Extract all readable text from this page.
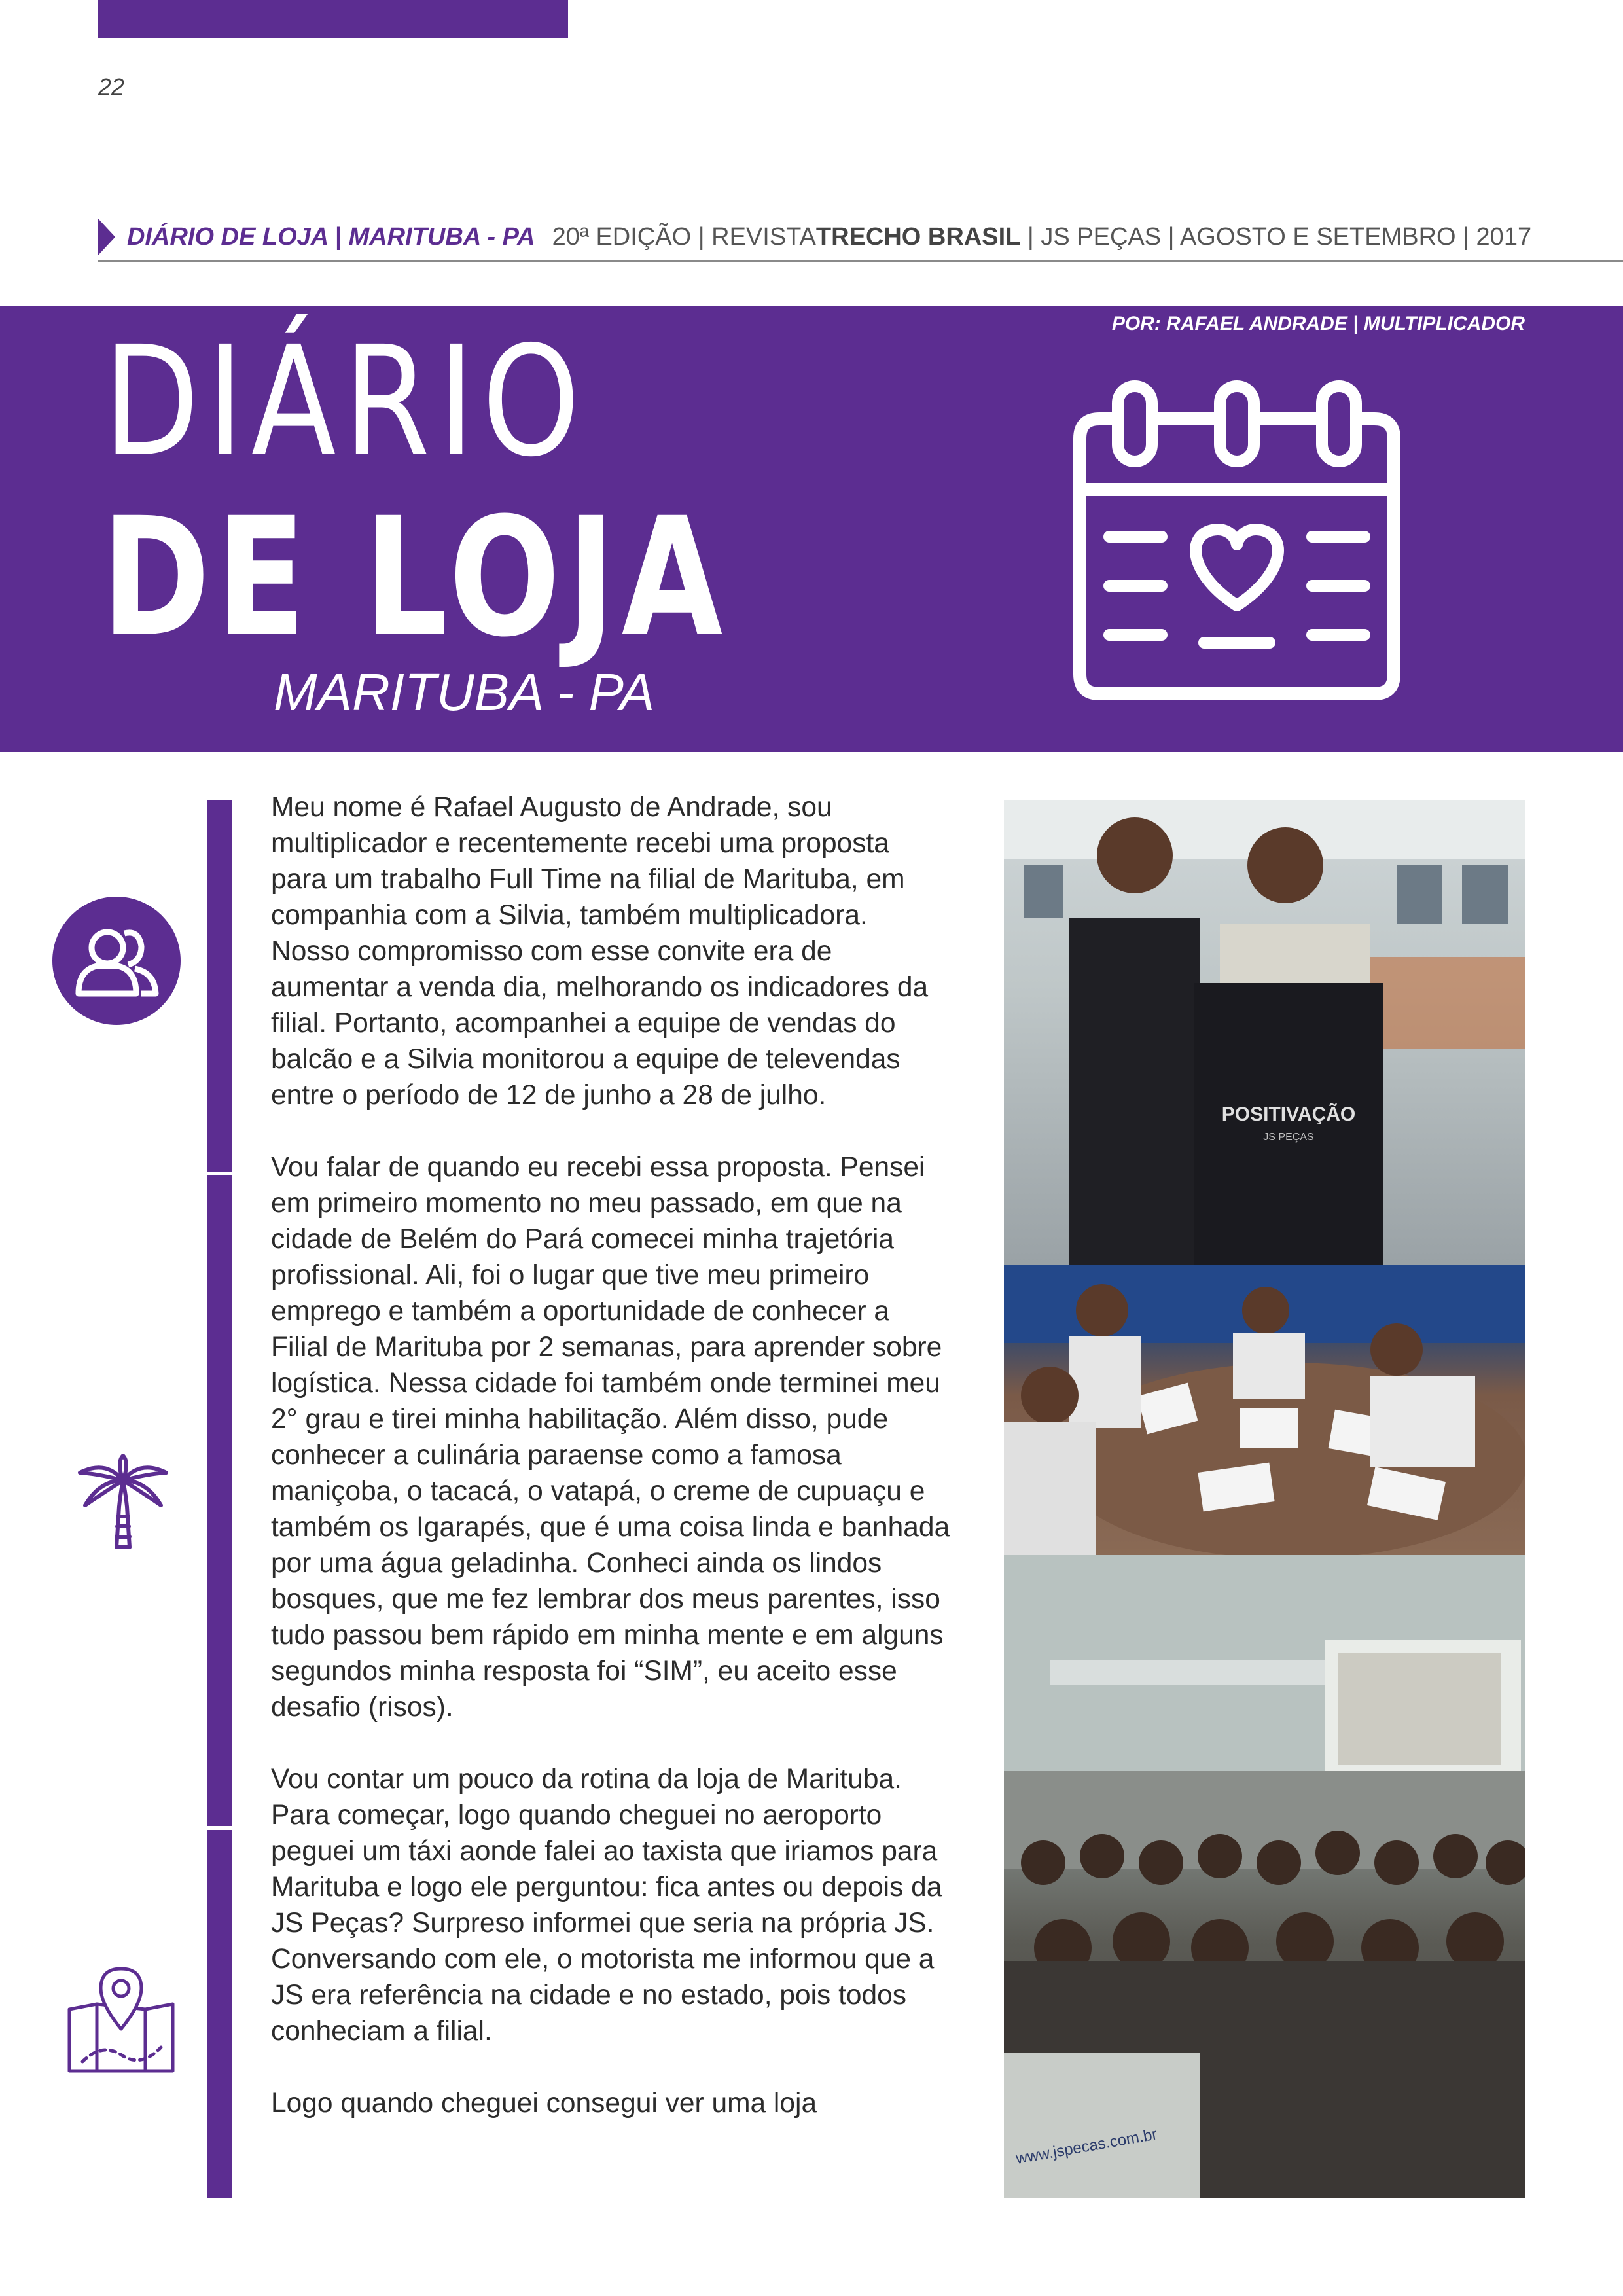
22
DIÁRIO DE LOJA | MARITUBA - PA 20ª EDIÇÃO | REVISTA TRECHO BRASIL | JS PEÇAS | AGOSTO E SETEMBRO | 2017
POR: RAFAEL ANDRADE | MULTIPLICADOR
DIÁRIO
DE LOJA
MARITUBA - PA

Meu nome é Rafael Augusto de Andrade, sou multiplicador e recentemente recebi uma proposta para um trabalho Full Time na filial de Marituba, em companhia com a Silvia, também multiplicadora. Nosso compromisso com esse convite era de aumentar a venda dia, melhorando os indicadores da filial. Portanto, acompanhei a equipe de vendas do balcão e a Silvia monitorou a equipe de televendas entre o período de 12 de junho a 28 de julho.

Vou falar de quando eu recebi essa proposta. Pensei em primeiro momento no meu passado, em que na cidade de Belém do Pará comecei minha trajetória profissional. Ali, foi o lugar que tive meu primeiro emprego e também a oportunidade de conhecer a Filial de Marituba por 2 semanas, para aprender sobre logística. Nessa cidade foi também onde terminei meu 2° grau e tirei minha habilitação. Além disso, pude conhecer a culinária paraense como a famosa maniçoba, o tacacá, o vatapá, o creme de cupuaçu e também os Igarapés, que é uma coisa linda e banhada por uma água geladinha. Conheci ainda os lindos bosques, que me fez lembrar dos meus parentes, isso tudo passou bem rápido em minha mente e em alguns segundos minha resposta foi “SIM”, eu aceito esse desafio (risos).

Vou contar um pouco da rotina da loja de Marituba. Para começar, logo quando cheguei no aeroporto peguei um táxi aonde falei ao taxista que iriamos para Marituba e logo ele perguntou: fica antes ou depois da JS Peças? Surpreso informei que seria na própria JS. Conversando com ele, o motorista me informou que a JS era referência na cidade e no estado, pois todos conheciam a filial.

Logo quando cheguei consegui ver uma loja

POSITIVAÇÃO
JS PEÇAS
www.jspecas.com.br
